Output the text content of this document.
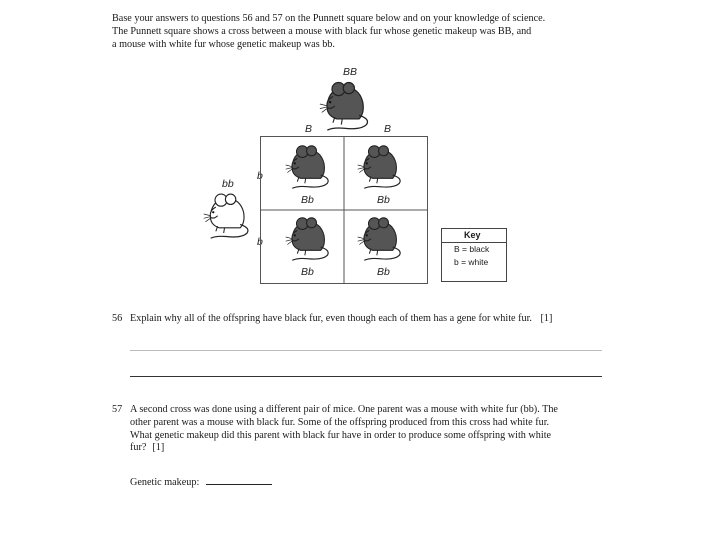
Base your answers to questions 56 and 57 on the Punnett square below and on your knowledge of science.
The Punnett square shows a cross between a mouse with black fur whose genetic makeup was BB, and
a mouse with white fur whose genetic makeup was bb.
BB
B	B
b
b
bb
Bb	Bb
Bb	Bb
Key
B = black
b = white
56 Explain why all of the offspring have black fur, even though each of them has a gene for white fur. [1]
57 A second cross was done using a different pair of mice. One parent was a mouse with white fur (bb). The
other parent was a mouse with black fur. Some of the offspring produced from this cross had white fur.
What genetic makeup did this parent with black fur have in order to produce some offspring with white
fur? [1]
Genetic makeup:
